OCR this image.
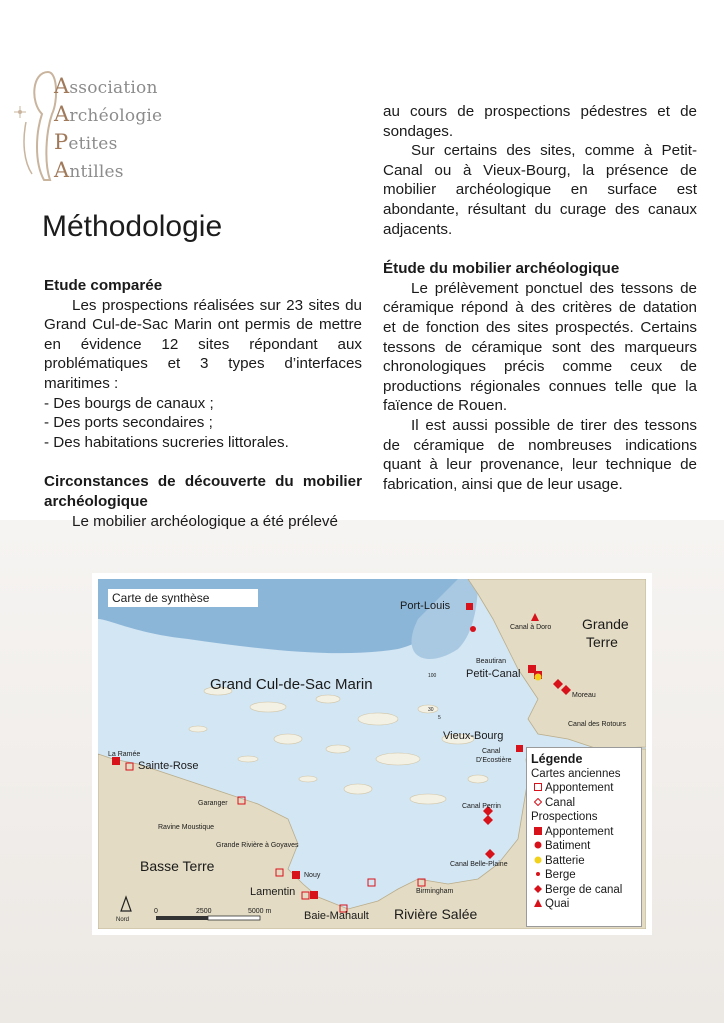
Association
Archéologie
Petites
Antilles
Méthodologie

Etude comparée

Les prospections réalisées sur 23 sites du Grand Cul-de-Sac Marin ont permis de mettre en évidence 12 sites répondant aux problématiques et 3 types d’interfaces maritimes :

- Des bourgs de canaux ;

- Des ports secondaires ;

- Des habitations sucreries littorales.

Circonstances de découverte du mobilier archéologique

Le mobilier archéologique a été prélevé

au cours de prospections pédestres et de sondages.

Sur certains des sites, comme à Petit-Canal ou à Vieux-Bourg, la présence de mobilier archéologique en surface est abondante, résultant du curage des canaux adjacents.

Étude du mobilier archéologique

Le prélèvement ponctuel des tessons de céramique répond à des critères de datation et de fonction des sites prospectés. Certains tessons de céramique sont des marqueurs chronologiques précis comme ceux de productions régionales connues telle que la faïence de Rouen.

Il est aussi possible de tirer des tessons de céramique de nombreuses indications quant à leur provenance, leur technique de fabrication, ainsi que de leur usage.

Port-Louis
Canal à Doro Grande
Terre
Beautiran
Petit-Canal
Moreau
Canal des Rotours
Grand Cul-de-Sac Marin	100
30
5
Vieux-Bourg
Canal
D'Ecostière
La Ramée
Sainte-Rose
Garanger
Ravine Moustique
Grande Rivière à Goyaves
Canal Perrin
Canal Belle-Plaine
Basse Terre
Nouy
Lamentin	Birmingham
Baie-Mahault Rivière Salée
0	2500	5000 m
Nord
Carte de synthèse
Légende
Cartes anciennes
Appontement
Canal
Prospections
Appontement
Batiment
Batterie
Berge
Berge de canal
Quai
